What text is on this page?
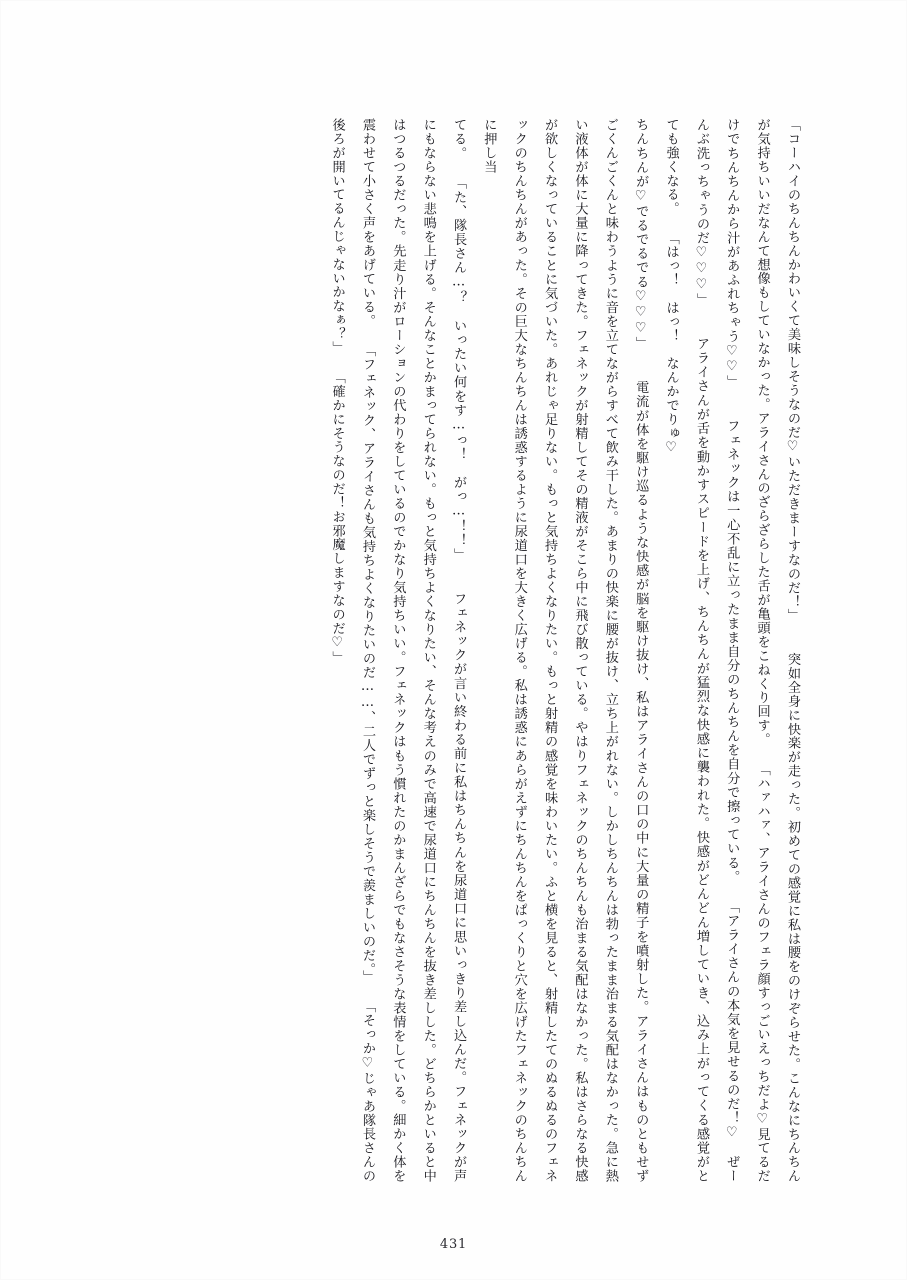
「コーハイのちんちんかわいくて美味しそうなのだ♡いただきまーすなのだ！」 　突如全身に快楽が走った。初めての感覚に私は腰をのけぞらせた。こんなにちんちんが気持ちいいだなんて想像もしていなかった。アライさんのざらざらした舌が亀頭をこねくり回す。 「ハァハァ、アライさんのフェラ顔すっごいえっちだよ♡見てるだけでちんちんから汁があふれちゃう♡♡」 　フェネックは一心不乱に立ったまま自分のちんちんを自分で擦っている。 「アライさんの本気を見せるのだ！♡　ぜーんぶ洗っちゃうのだ♡♡♡」 　アライさんが舌を動かすスピードを上げ、ちんちんが猛烈な快感に襲われた。快感がどんどん増していき、込み上がってくる感覚がとても強くなる。 「はっ！　はっ！　なんかでりゅ♡
ちんちんが♡でるでるでる♡♡♡」 　電流が体を駆け巡るような快感が脳を駆け抜け、私はアライさんの口の中に大量の精子を噴射した。アライさんはものともせずごくんごくんと味わうように音を立てながらすべて飲み干した。あまりの快楽に腰が抜け、立ち上がれない。しかしちんちんは勃ったまま治まる気配はなかった。急に熱い液体が体に大量に降ってきた。フェネックが射精してその精液がそこら中に飛び散っている。やはりフェネックのちんちんも治まる気配はなかった。私はさらなる快感が欲しくなっていることに気づいた。あれじゃ足りない。もっと気持ちよくなりたい。もっと射精の感覚を味わいたい。ふと横を見ると、射精したてのぬるぬるのフェネックのちんちんがあった。その巨大なちんちんは誘惑するように尿道口を大きく広げる。私は誘惑にあらがえずにちんちんをぱっくりと穴を広げたフェネックのちんちんに押し当
てる。 「た、隊長さん…？　いったい何をす…っ！　がっ…！！」 　フェネックが言い終わる前に私はちんちんを尿道口に思いっきり差し込んだ。フェネックが声にもならない悲鳴を上げる。そんなことかまってられない。もっと気持ちよくなりたい、そんな考えのみで高速で尿道口にちんちんを抜き差しした。どちらかといると中はつるつるだった。先走り汁がローションの代わりをしているのでかなり気持ちいい。フェネックはもう慣れたのかまんざらでもなさそうな表情をしている。細かく体を震わせて小さく声をあげている。 「フェネック、アライさんも気持ちよくなりたいのだ……、二人でずっと楽しそうで羨ましいのだ。」 「そっか♡じゃあ隊長さんの後ろが開いてるんじゃないかなぁ？」 「確かにそうなのだ！お邪魔しますなのだ♡」
431
